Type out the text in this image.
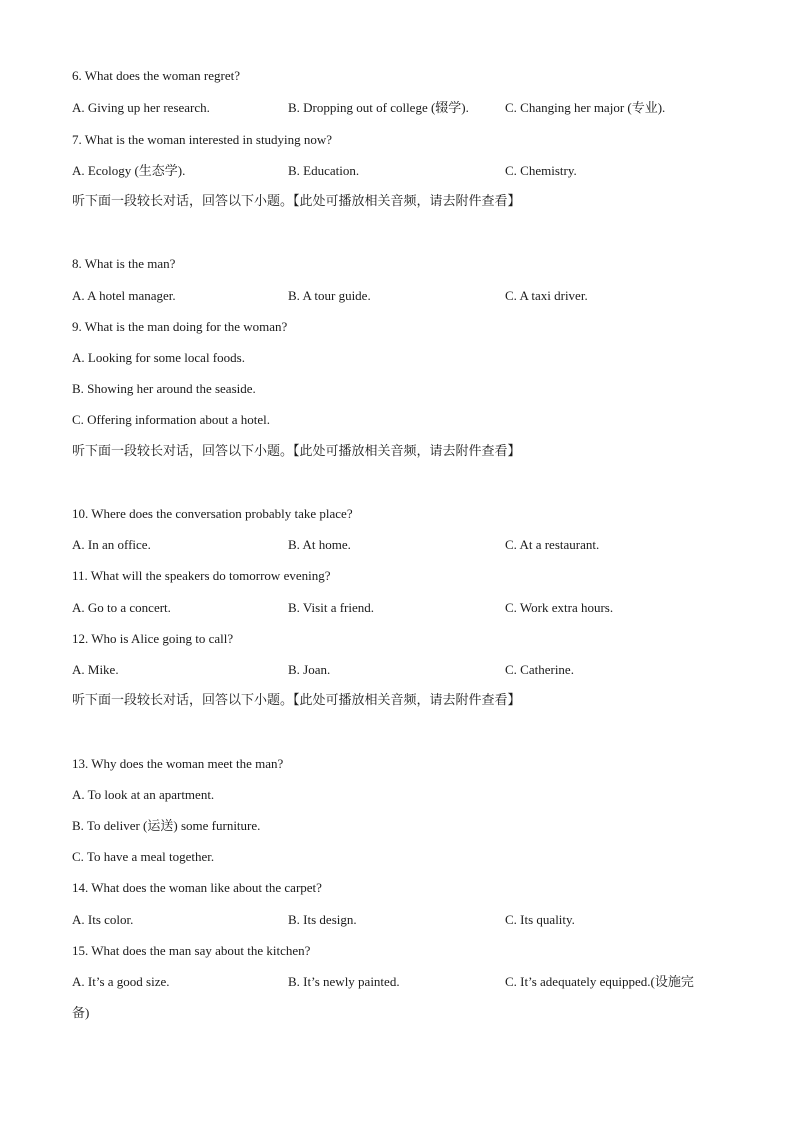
6. What does the woman regret?
A. Giving up her research.	B. Dropping out of college (辍学).	C. Changing her major (专业).
7. What is the woman interested in studying now?
A. Ecology (生态学).	B. Education.	C. Chemistry.
听下面一段较长对话，回答以下小题。【此处可播放相关音频，请去附件查看】
8. What is the man?
A. A hotel manager.	B. A tour guide.	C. A taxi driver.
9. What is the man doing for the woman?
A. Looking for some local foods.
B. Showing her around the seaside.
C. Offering information about a hotel.
听下面一段较长对话，回答以下小题。【此处可播放相关音频，请去附件查看】
10. Where does the conversation probably take place?
A. In an office.	B. At home.	C. At a restaurant.
11. What will the speakers do tomorrow evening?
A. Go to a concert.	B. Visit a friend.	C. Work extra hours.
12. Who is Alice going to call?
A. Mike.	B. Joan.	C. Catherine.
听下面一段较长对话，回答以下小题。【此处可播放相关音频，请去附件查看】
13. Why does the woman meet the man?
A. To look at an apartment.
B. To deliver (运送) some furniture.
C. To have a meal together.
14. What does the woman like about the carpet?
A. Its color.	B. Its design.	C. Its quality.
15. What does the man say about the kitchen?
A. It’s a good size.	B. It’s newly painted.	C. It’s adequately equipped.(设施完
备)
